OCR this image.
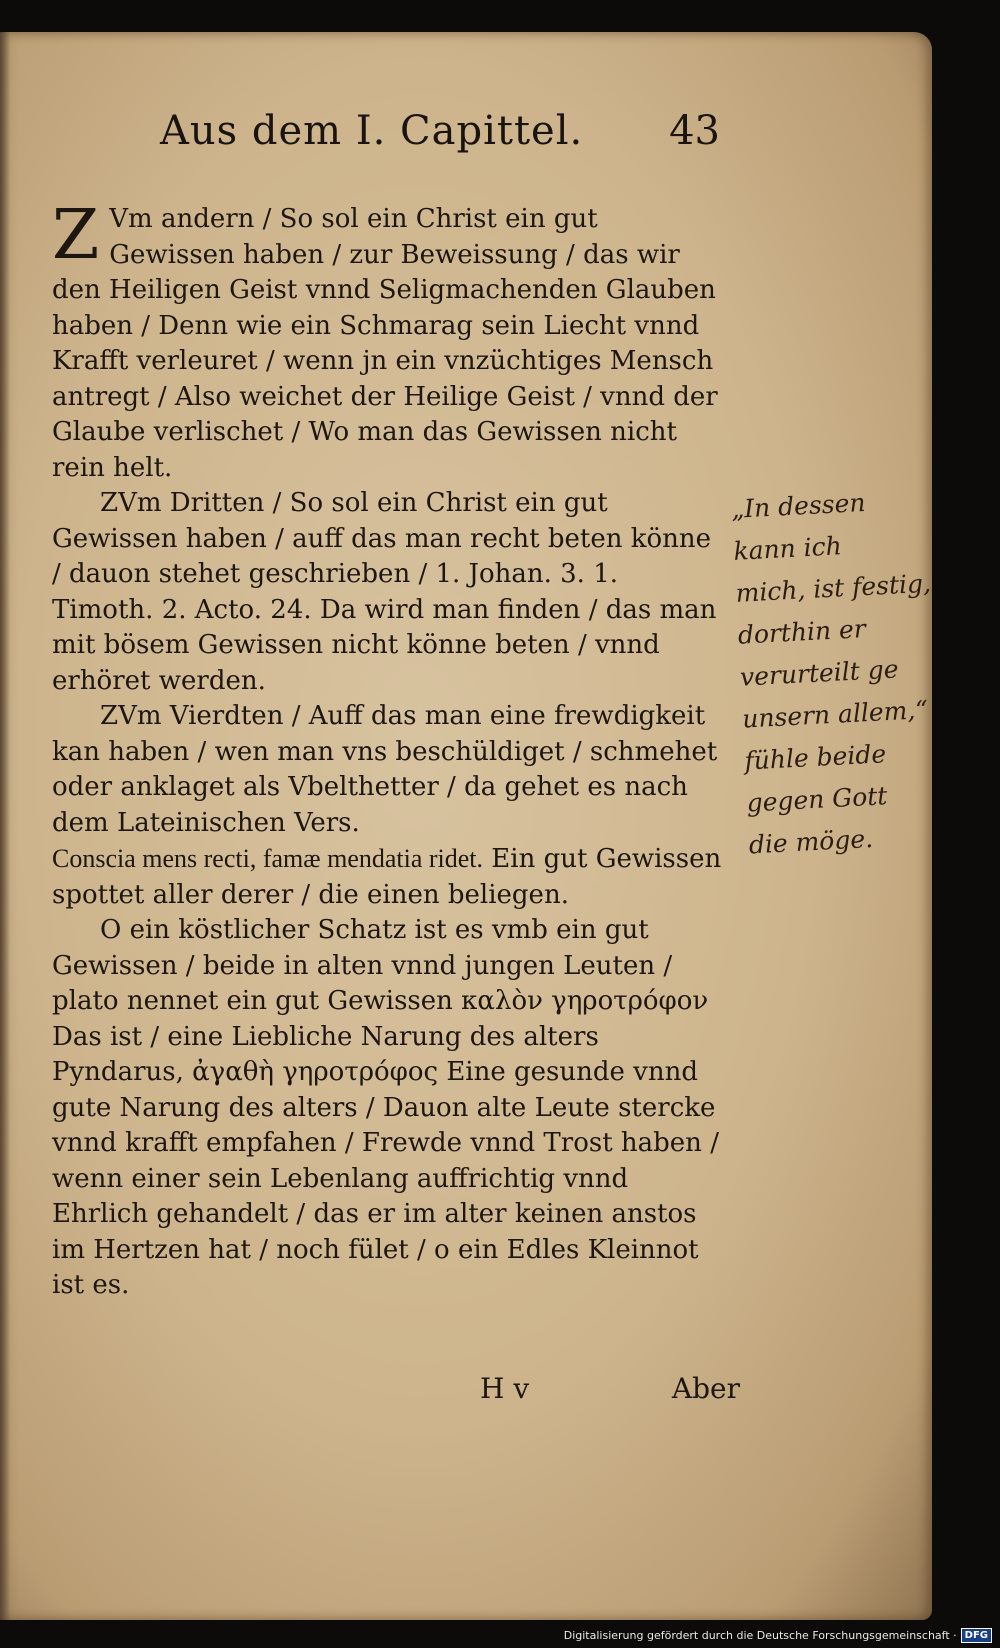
Aus dem I. Capittel. 43

Z Vm andern / So sol ein Christ ein gut Gewissen haben / zur Beweissung / das wir den Heiligen Geist vnnd Seligmachenden Glauben haben / Denn wie ein Schmarag sein Liecht vnnd Krafft verleuret / wenn jn ein vnzüchtiges Mensch antregt / Also weichet der Heilige Geist / vnnd der Glaube verlischet / Wo man das Gewissen nicht rein helt.

ZVm Dritten / So sol ein Christ ein gut Gewissen haben / auff das man recht beten könne / dauon stehet geschrieben / 1. Johan. 3. 1. Timoth. 2. Acto. 24. Da wird man finden / das man mit bösem Gewissen nicht könne beten / vnnd erhöret werden.

ZVm Vierdten / Auff das man eine frewdigkeit kan haben / wen man vns beschüldiget / schmehet oder anklaget als Vbelthetter / da gehet es nach dem Lateinischen Vers.
Conscia mens recti, famæ mendatia ridet. Ein gut Gewissen spottet aller derer / die einen beliegen.

O ein köstlicher Schatz ist es vmb ein gut Gewissen / beide in alten vnnd jungen Leuten / plato nennet ein gut Gewissen καλὸν γηροτρόφον Das ist / eine Liebliche Narung des alters Pyndarus, ἀγαθὴ γηροτρόφος Eine gesunde vnnd gute Narung des alters / Dauon alte Leute stercke vnnd krafft empfahen / Frewde vnnd Trost haben / wenn einer sein Lebenlang auffrichtig vnnd Ehrlich gehandelt / das er im alter keinen anstos im Hertzen hat / noch fület / o ein Edles Kleinnot ist es.

H v	Aber
„In dessen
kann ich
mich, ist festig,
dorthin er
verurteilt ge
unsern allem,“
fühle beide
gegen Gott
die möge.
Digitalisierung gefördert durch die Deutsche Forschungsgemeinschaft · DFG
